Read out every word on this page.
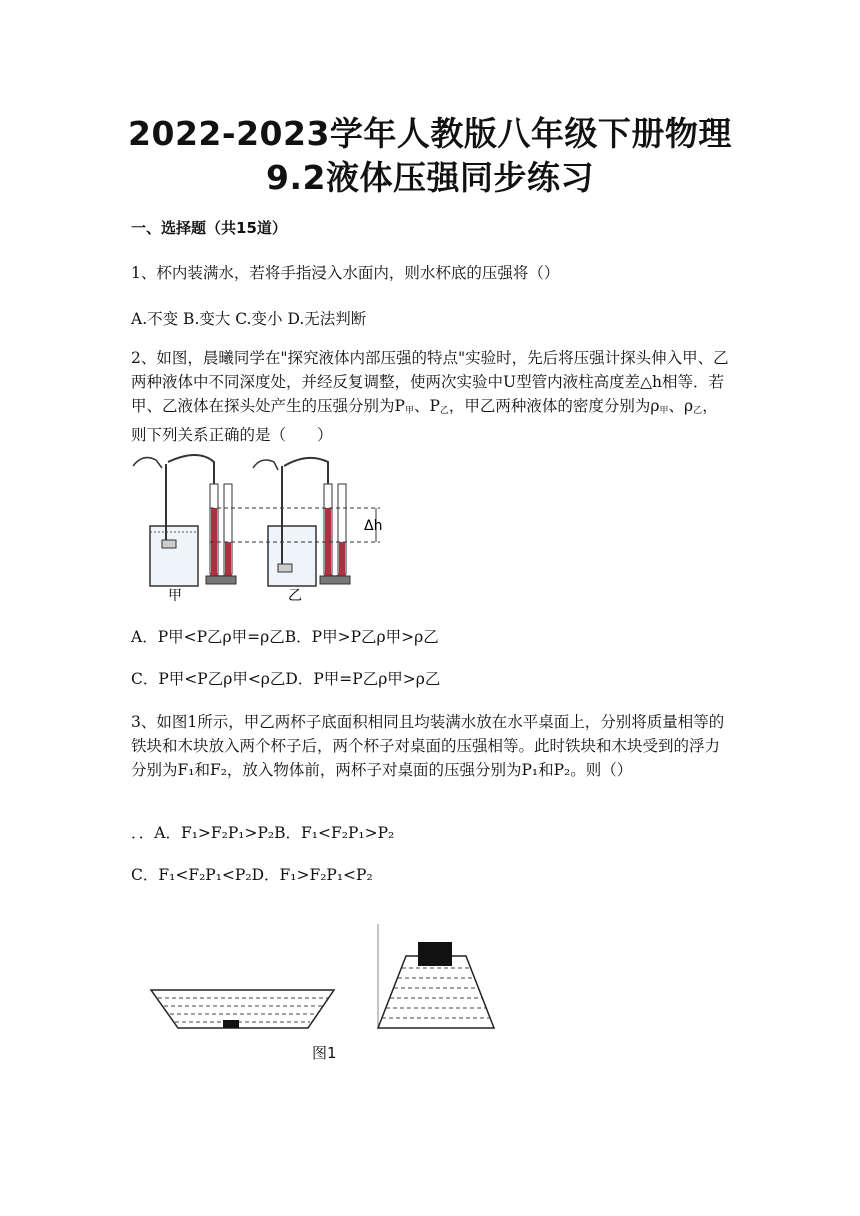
2022-2023学年人教版八年级下册物理
9.2液体压强同步练习
一、选择题（共15道）
1、杯内装满水，若将手指浸入水面内，则水杯底的压强将（）
A.不变 B.变大 C.变小 D.无法判断
2、如图，晨曦同学在"探究液体内部压强的特点"实验时，先后将压强计探头伸入甲、乙两种液体中不同深度处，并经反复调整，使两次实验中U型管内液柱高度差△h相等．若甲、乙液体在探头处产生的压强分别为$P_甲$、$P_乙$，甲乙两种液体的密度分别为$\rho_甲$、$\rho_乙$，则下列关系正确的是（　　）
Δh
甲	乙
A．P甲<P乙ρ甲=ρ乙B．P甲>P乙ρ甲>ρ乙
C．P甲<P乙ρ甲<ρ乙D．P甲=P乙ρ甲>ρ乙
3、如图1所示，甲乙两杯子底面积相同且均装满水放在水平桌面上，分别将质量相等的铁块和木块放入两个杯子后，两个杯子对桌面的压强相等。此时铁块和木块受到的浮力分别为F₁和F₂，放入物体前，两杯子对桌面的压强分别为P₁和P₂。则（）
．．A．F₁>F₂P₁>P₂B．F₁<F₂P₁>P₂
C．F₁<F₂P₁<P₂D．F₁>F₂P₁<P₂
图1
